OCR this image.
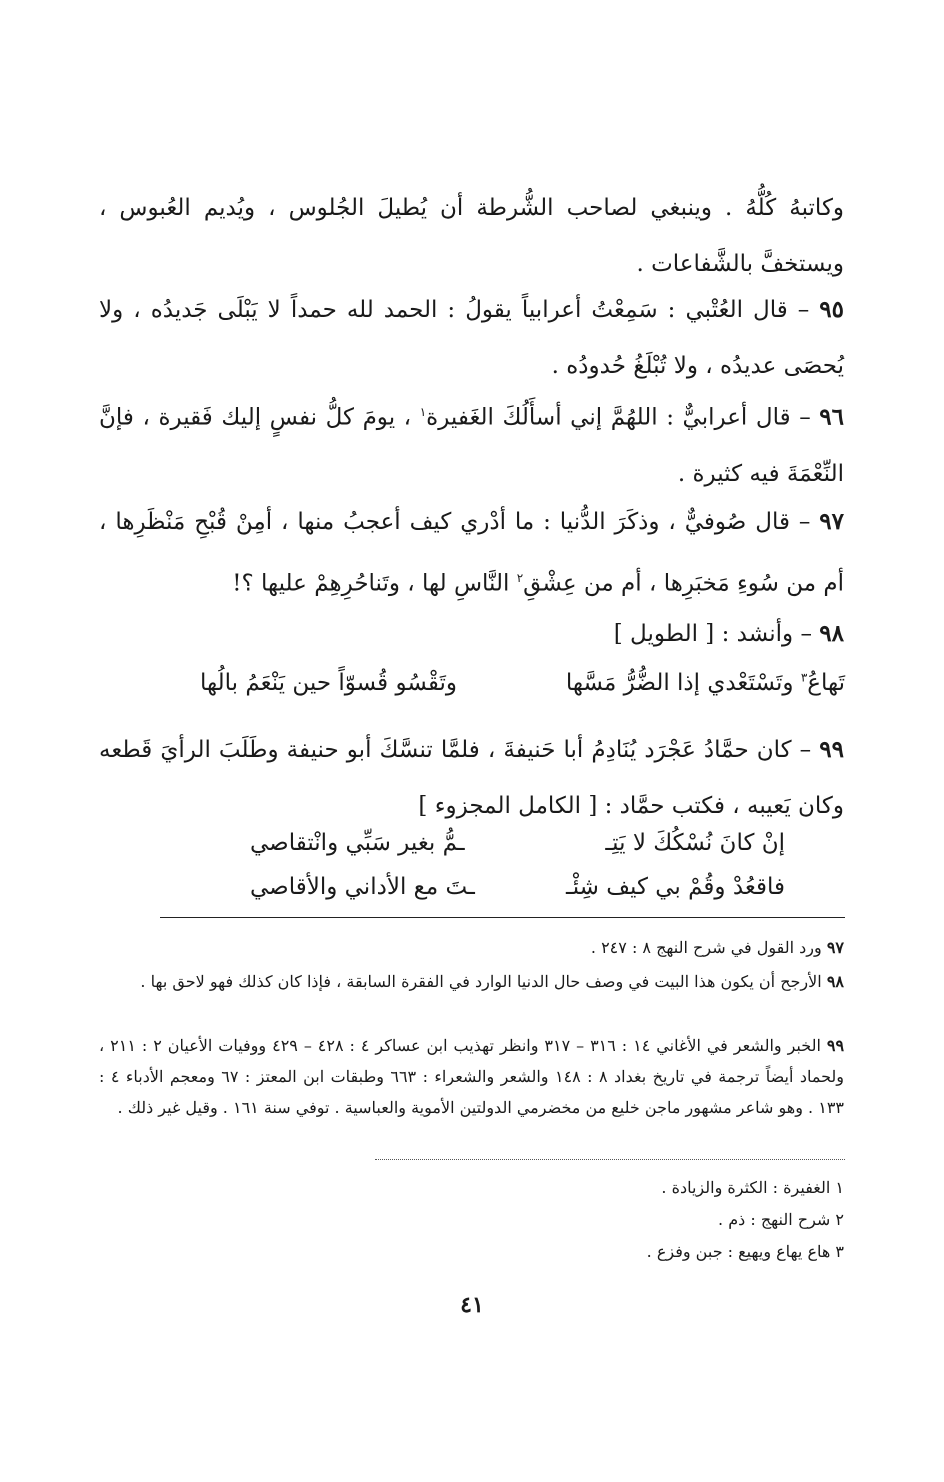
وكاتبهُ كُلُّهُ . وينبغي لصاحب الشُّرطة أن يُطيلَ الجُلوس ، ويُديم العُبوس ، ويستخفَّ بالشَّفاعات .
٩٥ – قال العُتْبي : سَمِعْتُ أعرابياً يقولُ : الحمد لله حمداً لا يَبْلَى جَديدُه ، ولا يُحصَى عديدُه ، ولا تُبْلَغُ حُدودُه .
٩٦ – قال أعرابيٌّ : اللهُمَّ إني أسأَلُكَ الغَفيرة$^١$ ، يومَ كلُّ نفسٍ إليك فَقيرة ، فإنَّ النِّعْمَةَ فيه كثيرة .
٩٧ – قال صُوفيٌّ ، وذكَرَ الدُّنيا : ما أدْري كيف أعجبُ منها ، أمِنْ قُبْحِ مَنْظَرِها ، أم من سُوءِ مَخبَرِها ، أم من عِشْقِ$^٢$ النَّاسِ لها ، وتَناحُرِهِمْ عليها ؟!
٩٨ – وأنشد : [ الطويل ]
تَهاعُ$^٣$ وتَسْتَعْدي إذا الضُّرُّ مَسَّها
وتَقْسُو قُسوّاً حين يَنْعَمُ بالُها
٩٩ – كان حمَّادُ عَجْرَد يُنَادِمُ أبا حَنيفةَ ، فلمَّا تنسَّكَ أبو حنيفة وطَلَبَ الرأيَ قَطعه وكان يَعيبه ، فكتب حمَّاد : [ الكامل المجزوء ]
إنْ كانَ نُسْكُكَ لا يَتِـ
ـمُّ بغير سَبِّي وانْتقاصي
فاقعُدْ وقُمْ بي كيف شِئْـ
ـتَ مع الأداني والأقاصي
٩٧ ورد القول في شرح النهج ٨ : ٢٤٧ .
٩٨ الأرجح أن يكون هذا البيت في وصف حال الدنيا الوارد في الفقرة السابقة ، فإذا كان كذلك فهو لاحق بها .
٩٩ الخبر والشعر في الأغاني ١٤ : ٣١٦ – ٣١٧ وانظر تهذيب ابن عساكر ٤ : ٤٢٨ – ٤٢٩ ووفيات الأعيان ٢ : ٢١١ ، ولحماد أيضاً ترجمة في تاريخ بغداد ٨ : ١٤٨ والشعر والشعراء : ٦٦٣ وطبقات ابن المعتز : ٦٧ ومعجم الأدباء ٤ : ١٣٣ . وهو شاعر مشهور ماجن خليع من مخضرمي الدولتين الأموية والعباسية . توفي سنة ١٦١ . وقيل غير ذلك .
١ الغفيرة : الكثرة والزيادة .
٢ شرح النهج : ذم .
٣ هاع يهاع ويهيع : جبن وفزع .
٤١
